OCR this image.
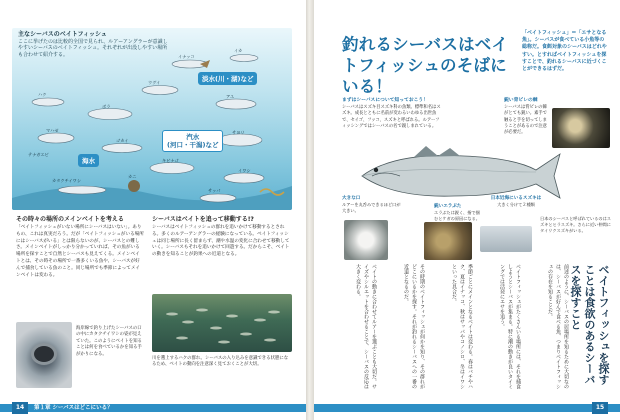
主なシーバスのベイトフィッシュ
ここに挙げたのは比較的全国で見られ、ルアーアングラーが意識しやすいシーバスのベイトフィッシュ。それぞれが出没しやすい場所も合わせて紹介する。
淡水(川・湖)など
汽水
(河口・干潟)など
海水
イナッコ
ウグイ
アユ
ハク
ボラ
マハゼ
テナガエビ
カタクチイワシ
サヨリ
ゴカイ
キビナゴ
イワシ
カニ
サッパ
イカ
その時々の場所のメインベイトを考える
「ベイトフィッシュがいない場所にシーバスはいない」。ありもの、これは真実だろう。だが「ベイトフィッシュがいる場所にはシーバスがいる」とは限らないのが、シーバスとの難しさ。メインベイトがしっかり分かっていれば、その魚がいる場所を探すことで自然とシーバスも見えてくる。メインベイトとは、その時その場所で一番多くいる魚や、シーバスが好んで捕食している魚のこと。同じ場所でも季節によってメインベイトは変わる。
シーバスはベイトを追って移動する!?
シーバスはベイトフィッシュの群れを追いかけて移動するとされる。多くのルアーアングラーの経験になっている。ベイトフィッシュは同じ場所に長く留まらず、潮や水温の変化に合わせて移動していく。シーバスもそれを追いかけて回遊する。だからこそ、ベイトの動きを知ることが釣果への近道となる。
海岸線で釣り上げたシーバスの口の中にカタクチイワシの姿が見えていた。このようにベイトを知ることは何を食べているかを知る手がかりになる。
川を遡上するハクの群れ。シーバスの入り込みを意識できる状態になるため、ベイトの動向を注意深く見ておくことが大切。
14	第１章 シーバスはどこにいる？
釣れるシーバスはベイトフィッシュのそばにいる！
「ベイトフィッシュ」＝「エサとなる魚」。シーバスが食べている小魚等の総称だ。食餌対象のシーバスはどれやすい。とすればベイトフィッシュを探すことで、釣れるシーバスに近づくことができるはずだ。
まずはシーバスについて知っておこう！
シーバスはスズキ目スズキ科の魚類。標準和名はスズキ。成長とともに名前が変わるいわゆる出世魚で、セイゴ、フッコ、スズキと呼ばれる。ルアーフィッシングではシーバスの名で親しまれている。
鋭い背ビレの棘
シーバスは背ビレの棘がとても鋭い。素手で触ると手を切ってしまうことがあるので注意が必要だ。
大きな口
ルアーを丸呑みできるほど口が大きい。
鋭いエラぶた
エラぶたは鋭く、指で掴むとケガの原因になる。
日本近海にいるスズキは
大きく分けて２種類
日本のシーバスと呼ばれているのはスズキとヒラスズキ。さらに近い仲間にタイリクスズキがいる。
ベイトフィッシュを探すことは食欲のあるシーバスを探すこと
前述のように、シーバスの居場所を知るために大切なのは、シーバスが好んで食べる魚、つまりベイトフィッシュの存在を知ることだ。
ベイトフィッシュがたくさんいる場所には、それを捕食しようとシーバスが集まる。特に潮の動きが良いタイミングでは活発にエサを追う。
季節ごとにメインとなるベイトは変わる。春はバチやハク、夏はイナッコ、秋はサッパやコノシロ、冬はイワシといった具合だ。
その時期のベイトフィッシュが何かを知り、その群れがどこにいるかを探す。それが釣れるシーバスへの一番の近道となるのだ。
ベイトの動きに合わせてルアーを選ぶことも大切だ。サイズやシルエットを合わせることで、シーバスの反応は大きく変わる。
15
